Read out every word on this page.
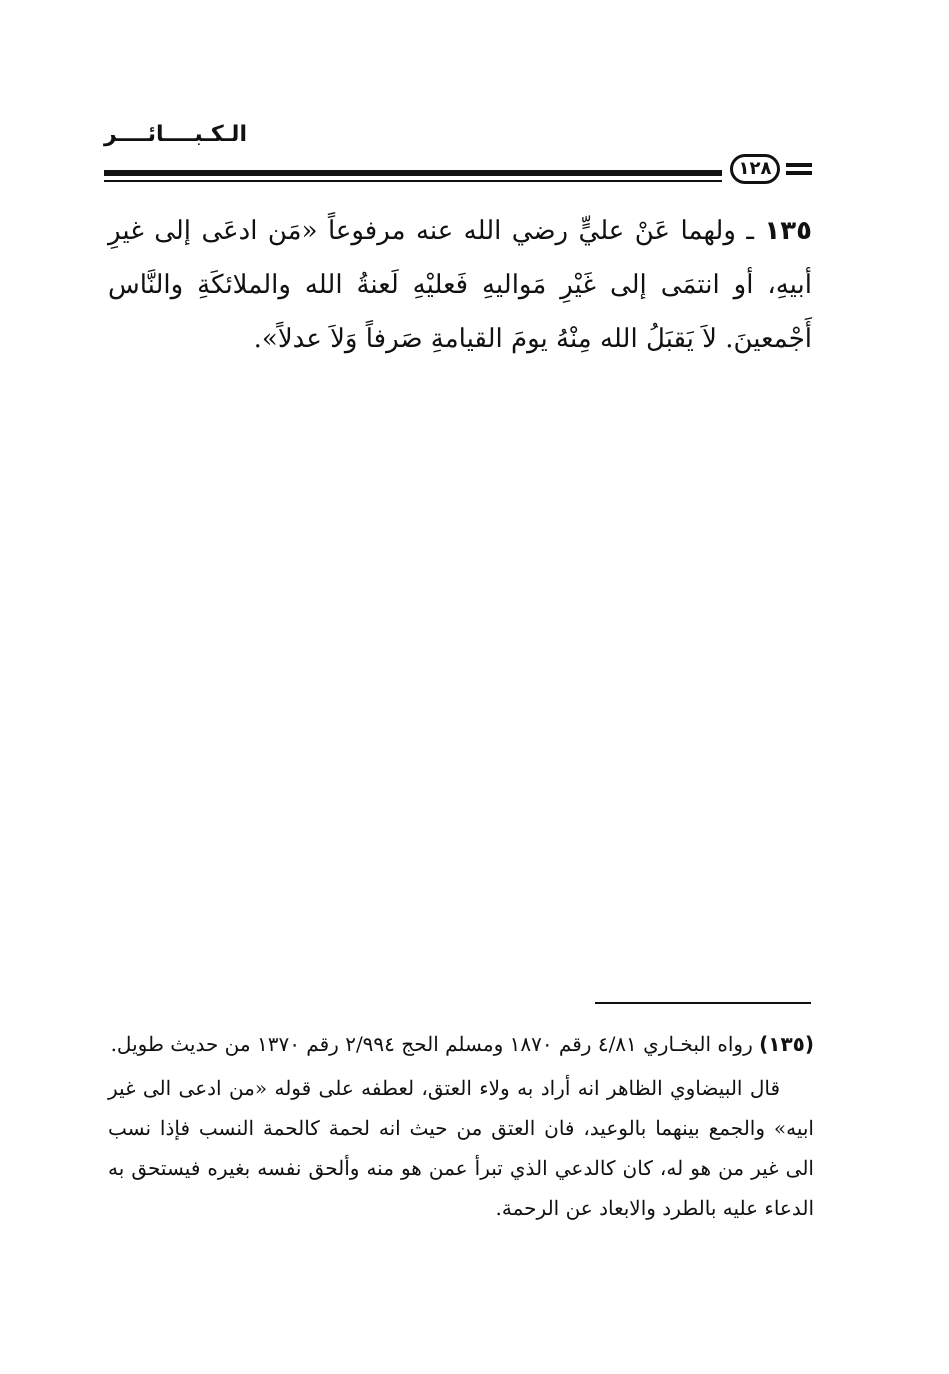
الـكـبــــائــــر
١٢٨

١٣٥ ـ ولهما عَنْ عليٍّ رضي الله عنه مرفوعاً «مَن ادعَى إلى غيرِ أبيهِ، أو انتمَى إلى غَيْرِ مَواليهِ فَعليْهِ لَعنةُ الله والملائكَةِ والنَّاس أَجْمعينَ. لاَ يَقبَلُ الله مِنْهُ يومَ القيامةِ صَرفاً وَلاَ عدلاً».

(١٣٥) رواه البخـاري ٤/٨١ رقم ١٨٧٠ ومسلم الحج ٢/٩٩٤ رقم ١٣٧٠ من حديث طويل.

قال البيضاوي الظاهر انه أراد به ولاء العتق، لعطفه على قوله «من ادعى الى غير ابيه» والجمع بينهما بالوعيد، فان العتق من حيث انه لحمة كالحمة النسب فإذا نسب الى غير من هو له، كان كالدعي الذي تبرأ عمن هو منه وألحق نفسه بغيره فيستحق به الدعاء عليه بالطرد والابعاد عن الرحمة.
